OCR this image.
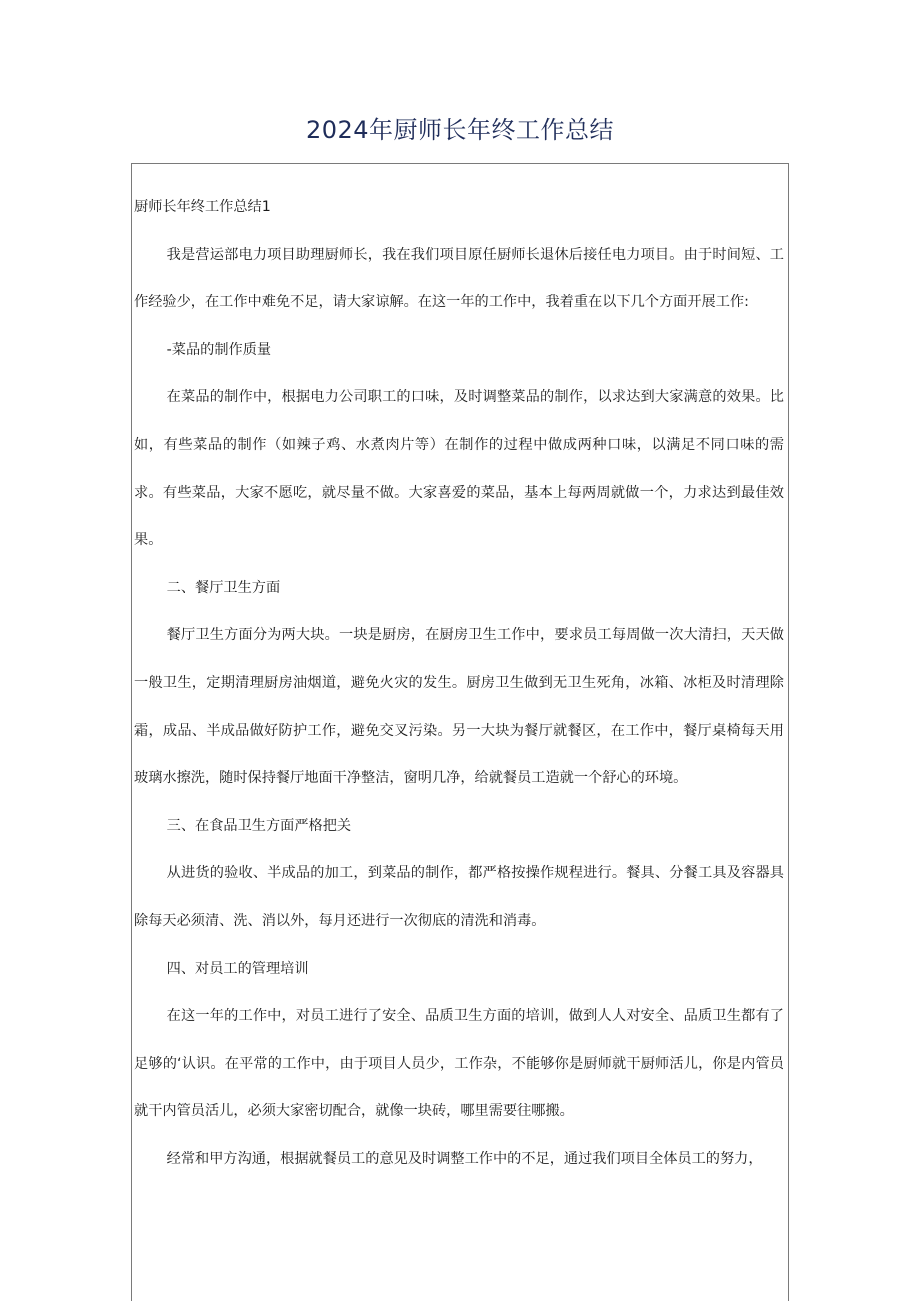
2024年厨师长年终工作总结

厨师长年终工作总结1

我是营运部电力项目助理厨师长，我在我们项目原任厨师长退休后接任电力项目。由于时间短、工作经验少，在工作中难免不足，请大家谅解。在这一年的工作中，我着重在以下几个方面开展工作:

-菜品的制作质量

在菜品的制作中，根据电力公司职工的口味，及时调整菜品的制作，以求达到大家满意的效果。比如，有些菜品的制作（如辣子鸡、水煮肉片等）在制作的过程中做成两种口味，以满足不同口味的需求。有些菜品，大家不愿吃，就尽量不做。大家喜爱的菜品，基本上每两周就做一个，力求达到最佳效果。

二、餐厅卫生方面

餐厅卫生方面分为两大块。一块是厨房，在厨房卫生工作中，要求员工每周做一次大清扫，天天做一般卫生，定期清理厨房油烟道，避免火灾的发生。厨房卫生做到无卫生死角，冰箱、冰柜及时清理除霜，成品、半成品做好防护工作，避免交叉污染。另一大块为餐厅就餐区，在工作中，餐厅桌椅每天用玻璃水擦洗，随时保持餐厅地面干净整洁，窗明几净，给就餐员工造就一个舒心的环境。

三、在食品卫生方面严格把关

从进货的验收、半成品的加工，到菜品的制作，都严格按操作规程进行。餐具、分餐工具及容器具除每天必须清、洗、消以外，每月还进行一次彻底的清洗和消毒。

四、对员工的管理培训

在这一年的工作中，对员工进行了安全、品质卫生方面的培训，做到人人对安全、品质卫生都有了足够的‘认识。在平常的工作中，由于项目人员少，工作杂，不能够你是厨师就干厨师活儿，你是内管员就干内管员活儿，必须大家密切配合，就像一块砖，哪里需要往哪搬。

经常和甲方沟通，根据就餐员工的意见及时调整工作中的不足，通过我们项目全体员工的努力，
